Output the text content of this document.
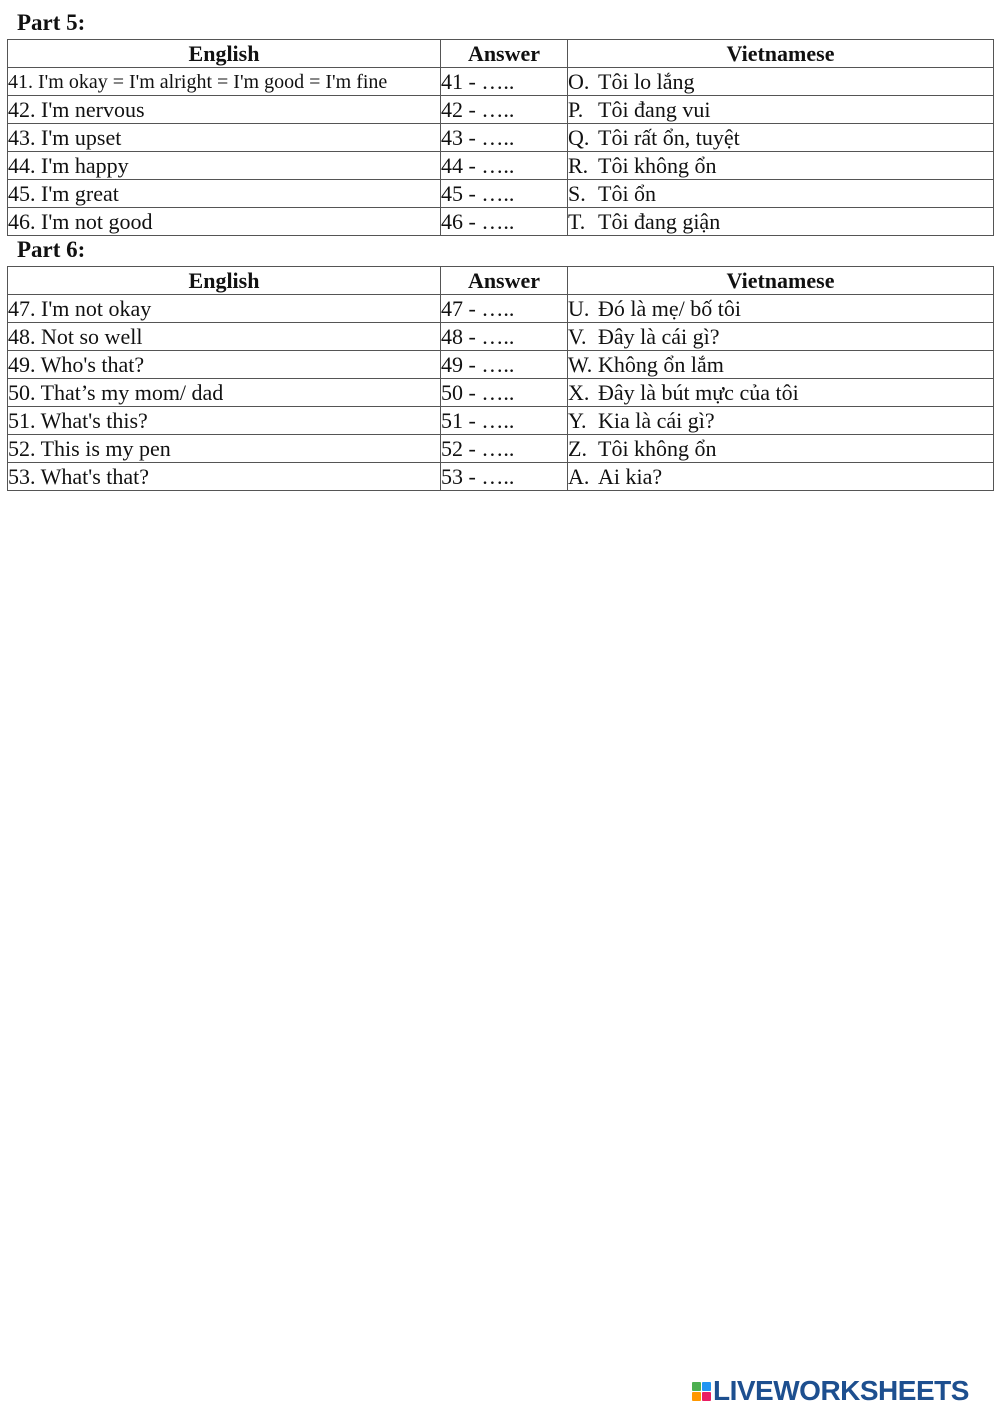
Part 5:
English	Answer	Vietnamese
41. I'm okay = I'm alright = I'm good = I'm fine	41 - …..	O. Tôi lo lắng
42. I'm nervous	42 - …..	P. Tôi đang vui
43. I'm upset	43 - …..	Q. Tôi rất ổn, tuyệt
44. I'm happy	44 - …..	R. Tôi không ổn
45. I'm great	45 - …..	S. Tôi ổn
46. I'm not good	46 - …..	T. Tôi đang giận
Part 6:
English	Answer	Vietnamese
47. I'm not okay	47 - …..	U. Đó là mẹ/ bố tôi
48. Not so well	48 - …..	V. Đây là cái gì?
49. Who's that?	49 - …..	W. Không ổn lắm
50. That’s my mom/ dad	50 - …..	X. Đây là bút mực của tôi
51. What's this?	51 - …..	Y. Kia là cái gì?
52. This is my pen	52 - …..	Z. Tôi không ổn
53. What's that?	53 - …..	A. Ai kia?
LIVEWORKSHEETS
